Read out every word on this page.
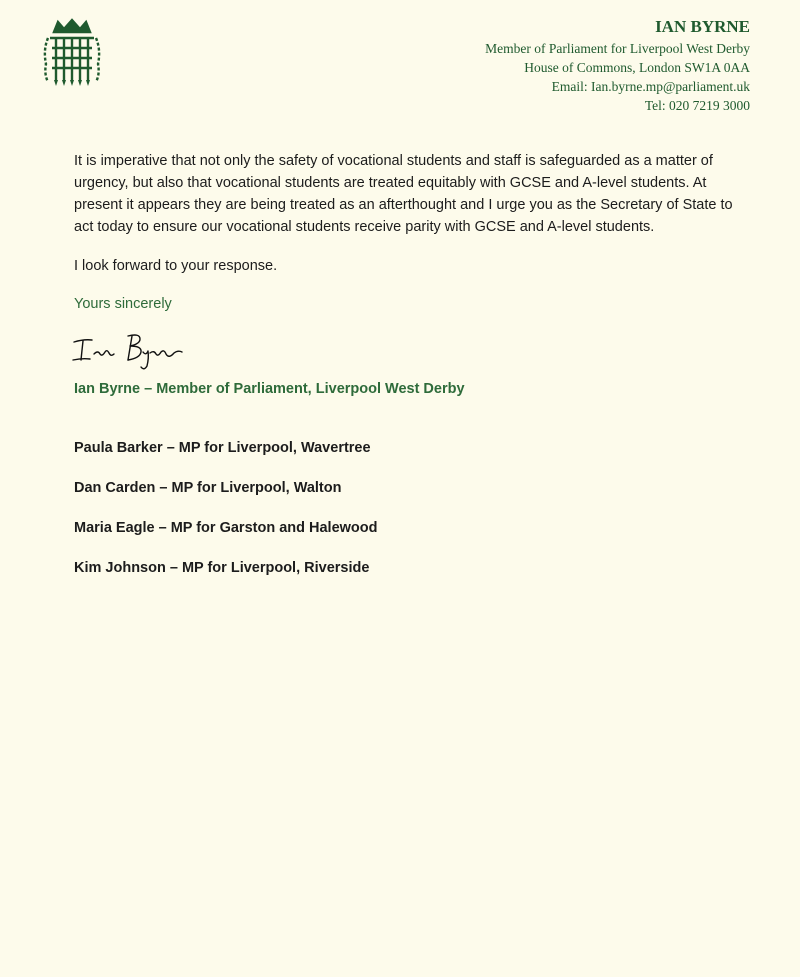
IAN BYRNE
Member of Parliament for Liverpool West Derby
House of Commons, London SW1A 0AA
Email: Ian.byrne.mp@parliament.uk
Tel: 020 7219 3000
It is imperative that not only the safety of vocational students and staff is safeguarded as a matter of urgency, but also that vocational students are treated equitably with GCSE and A-level students. At present it appears they are being treated as an afterthought and I urge you as the Secretary of State to act today to ensure our vocational students receive parity with GCSE and A-level students.
I look forward to your response.
Yours sincerely
Ian Byrne – Member of Parliament, Liverpool West Derby
Paula Barker – MP for Liverpool, Wavertree
Dan Carden – MP for Liverpool, Walton
Maria Eagle – MP for Garston and Halewood
Kim Johnson – MP for Liverpool, Riverside
